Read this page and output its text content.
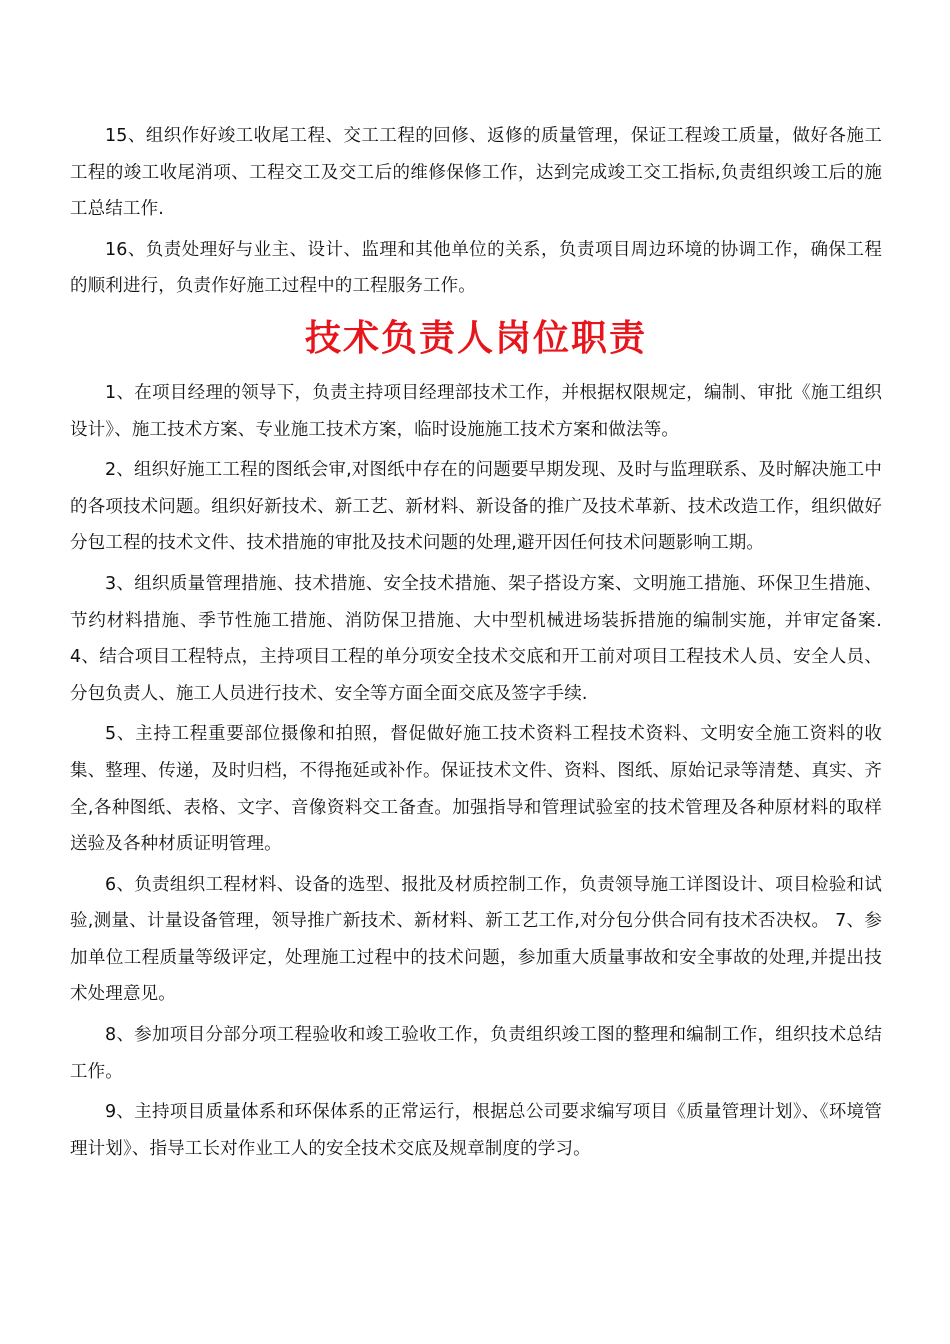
15、组织作好竣工收尾工程、交工工程的回修、返修的质量管理，保证工程竣工质量，做好各施工工程的竣工收尾消项、工程交工及交工后的维修保修工作，达到完成竣工交工指标,负责组织竣工后的施工总结工作.

16、负责处理好与业主、设计、监理和其他单位的关系，负责项目周边环境的协调工作，确保工程的顺利进行，负责作好施工过程中的工程服务工作。

技术负责人岗位职责

1、在项目经理的领导下，负责主持项目经理部技术工作，并根据权限规定，编制、审批《施工组织设计》、施工技术方案、专业施工技术方案，临时设施施工技术方案和做法等。

2、组织好施工工程的图纸会审,对图纸中存在的问题要早期发现、及时与监理联系、及时解决施工中的各项技术问题。组织好新技术、新工艺、新材料、新设备的推广及技术革新、技术改造工作，组织做好分包工程的技术文件、技术措施的审批及技术问题的处理,避开因任何技术问题影响工期。

3、组织质量管理措施、技术措施、安全技术措施、架子搭设方案、文明施工措施、环保卫生措施、节约材料措施、季节性施工措施、消防保卫措施、大中型机械进场装拆措施的编制实施，并审定备案. 4、结合项目工程特点，主持项目工程的单分项安全技术交底和开工前对项目工程技术人员、安全人员、分包负责人、施工人员进行技术、安全等方面全面交底及签字手续.

5、主持工程重要部位摄像和拍照，督促做好施工技术资料工程技术资料、文明安全施工资料的收集、整理、传递，及时归档，不得拖延或补作。保证技术文件、资料、图纸、原始记录等清楚、真实、齐全,各种图纸、表格、文字、音像资料交工备查。加强指导和管理试验室的技术管理及各种原材料的取样送验及各种材质证明管理。

6、负责组织工程材料、设备的选型、报批及材质控制工作，负责领导施工详图设计、项目检验和试验,测量、计量设备管理，领导推广新技术、新材料、新工艺工作,对分包分供合同有技术否决权。 7、参加单位工程质量等级评定，处理施工过程中的技术问题，参加重大质量事故和安全事故的处理,并提出技术处理意见。

8、参加项目分部分项工程验收和竣工验收工作，负责组织竣工图的整理和编制工作，组织技术总结工作。

9、主持项目质量体系和环保体系的正常运行，根据总公司要求编写项目《质量管理计划》、《环境管理计划》、指导工长对作业工人的安全技术交底及规章制度的学习。
